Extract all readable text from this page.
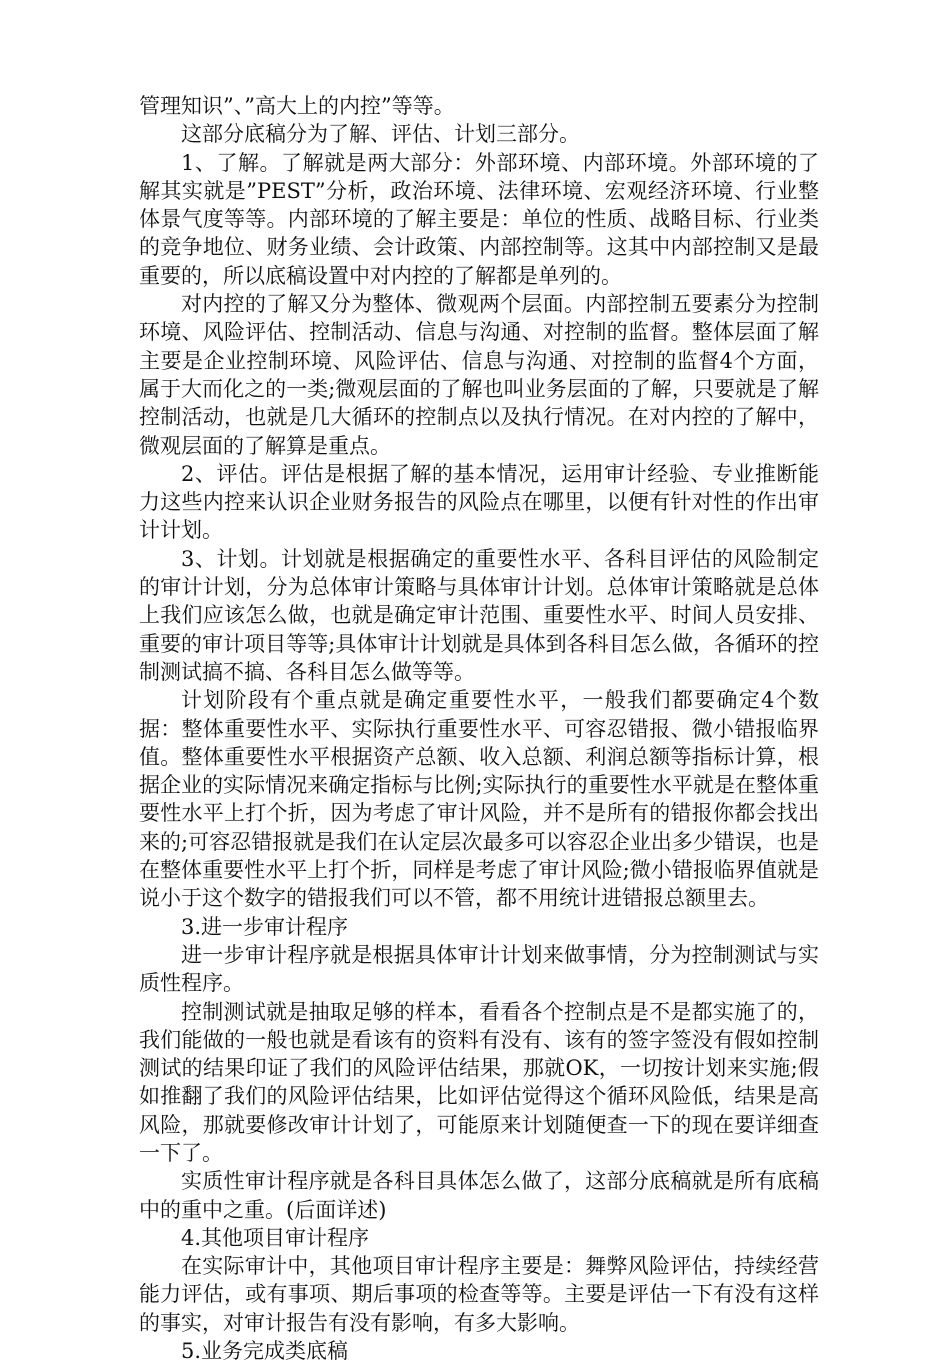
管理知识”、”高大上的内控”等等。

这部分底稿分为了解、评估、计划三部分。

1、了解。了解就是两大部分：外部环境、内部环境。外部环境的了解其实就是”PEST”分析，政治环境、法律环境、宏观经济环境、行业整体景气度等等。内部环境的了解主要是：单位的性质、战略目标、行业类的竞争地位、财务业绩、会计政策、内部控制等。这其中内部控制又是最重要的，所以底稿设置中对内控的了解都是单列的。

对内控的了解又分为整体、微观两个层面。内部控制五要素分为控制环境、风险评估、控制活动、信息与沟通、对控制的监督。整体层面了解主要是企业控制环境、风险评估、信息与沟通、对控制的监督4个方面，属于大而化之的一类;微观层面的了解也叫业务层面的了解，只要就是了解控制活动，也就是几大循环的控制点以及执行情况。在对内控的了解中，微观层面的了解算是重点。

2、评估。评估是根据了解的基本情况，运用审计经验、专业推断能力这些内控来认识企业财务报告的风险点在哪里，以便有针对性的作出审计计划。

3、计划。计划就是根据确定的重要性水平、各科目评估的风险制定的审计计划，分为总体审计策略与具体审计计划。总体审计策略就是总体上我们应该怎么做，也就是确定审计范围、重要性水平、时间人员安排、重要的审计项目等等;具体审计计划就是具体到各科目怎么做，各循环的控制测试搞不搞、各科目怎么做等等。

计划阶段有个重点就是确定重要性水平，一般我们都要确定4个数据：整体重要性水平、实际执行重要性水平、可容忍错报、微小错报临界值。整体重要性水平根据资产总额、收入总额、利润总额等指标计算，根据企业的实际情况来确定指标与比例;实际执行的重要性水平就是在整体重要性水平上打个折，因为考虑了审计风险，并不是所有的错报你都会找出来的;可容忍错报就是我们在认定层次最多可以容忍企业出多少错误，也是在整体重要性水平上打个折，同样是考虑了审计风险;微小错报临界值就是说小于这个数字的错报我们可以不管，都不用统计进错报总额里去。

3.进一步审计程序

进一步审计程序就是根据具体审计计划来做事情，分为控制测试与实质性程序。

控制测试就是抽取足够的样本，看看各个控制点是不是都实施了的，我们能做的一般也就是看该有的资料有没有、该有的签字签没有假如控制测试的结果印证了我们的风险评估结果，那就OK，一切按计划来实施;假如推翻了我们的风险评估结果，比如评估觉得这个循环风险低，结果是高风险，那就要修改审计计划了，可能原来计划随便查一下的现在要详细查一下了。

实质性审计程序就是各科目具体怎么做了，这部分底稿就是所有底稿中的重中之重。(后面详述)

4.其他项目审计程序

在实际审计中，其他项目审计程序主要是：舞弊风险评估，持续经营能力评估，或有事项、期后事项的检查等等。主要是评估一下有没有这样的事实，对审计报告有没有影响，有多大影响。

5.业务完成类底稿
